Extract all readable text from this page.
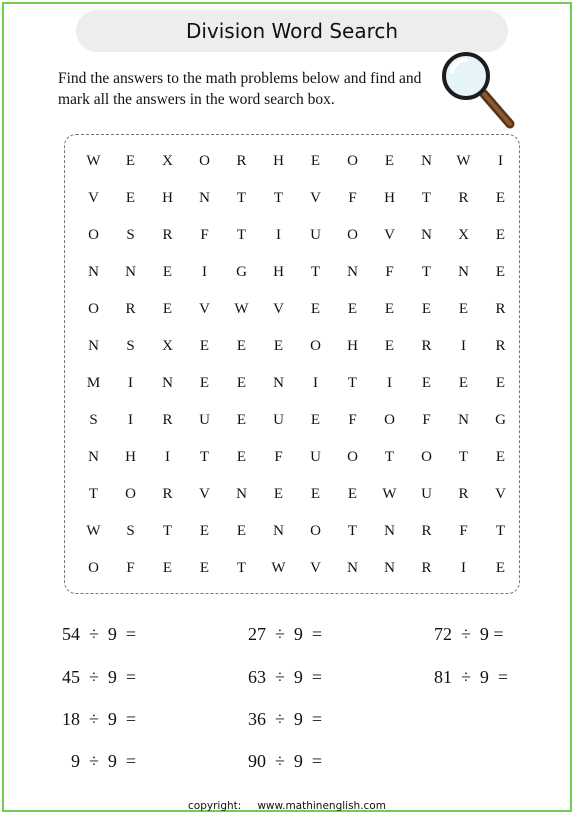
Division Word Search
Find the answers to the math problems below and find and mark all the answers in the word search box.
W	E	X	O	R	H	E	O	E	N	W	I
V	E	H	N	T	T	V	F	H	T	R	E
O	S	R	F	T	I	U	O	V	N	X	E
N	N	E	I	G	H	T	N	F	T	N	E
O	R	E	V	W	V	E	E	E	E	E	R
N	S	X	E	E	E	O	H	E	R	I	R
M	I	N	E	E	N	I	T	I	E	E	E
S	I	R	U	E	U	E	F	O	F	N	G
N	H	I	T	E	F	U	O	T	O	T	E
T	O	R	V	N	E	E	E	W	U	R	V
W	S	T	E	E	N	O	T	N	R	F	T
O	F	E	E	T	W	V	N	N	R	I	E
54  ÷  9  =	27  ÷  9  =	72  ÷  9 =
45  ÷  9  =	63  ÷  9  =	81  ÷  9  =
18  ÷  9  =	36  ÷  9  =
9  ÷  9  =	90  ÷  9  =
copyright: www.mathinenglish.com
